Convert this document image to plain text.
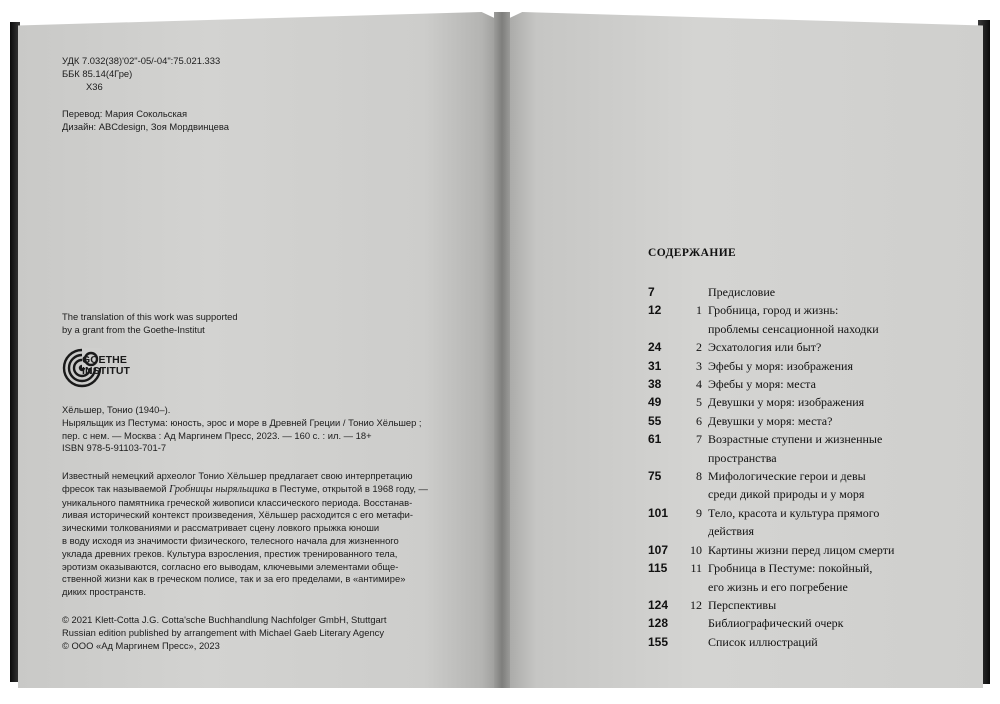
УДК 7.032(38)'02"-05/-04":75.021.333
ББК 85.14(4Гре)
X36
Перевод: Мария Сокольская
Дизайн: ABCdesign, Зоя Мордвинцева
The translation of this work was supported
by a grant from the Goethe-Institut
GOETHE
INSTITUT
Хёльшер, Тонио (1940–).
Ныряльщик из Пестума: юность, эрос и море в Древней Греции / Тонио Хёльшер ;
пер. с нем. — Москва : Ад Маргинем Пресс, 2023. — 160 с. : ил. — 18+
ISBN 978-5-91103-701-7
Известный немецкий археолог Тонио Хёльшер предлагает свою интерпретацию
фресок так называемой Гробницы ныряльщика в Пестуме, открытой в 1968 году, —
уникального памятника греческой живописи классического периода. Восстанав-
ливая исторический контекст произведения, Хёльшер расходится с его метафи-
зическими толкованиями и рассматривает сцену ловкого прыжка юноши
в воду исходя из значимости физического, телесного начала для жизненного
уклада древних греков. Культура взросления, престиж тренированного тела,
эротизм оказываются, согласно его выводам, ключевыми элементами обще-
ственной жизни как в греческом полисе, так и за его пределами, в «антимире»
диких пространств.
© 2021 Klett-Cotta J.G. Cotta'sche Buchhandlung Nachfolger GmbH, Stuttgart
Russian edition published by arrangement with Michael Gaeb Literary Agency
© ООО «Ад Маргинем Пресс», 2023
СОДЕРЖАНИЕ
7	Предисловие
12	1 Гробница, город и жизнь:
проблемы сенсационной находки
24	2 Эсхатология или быт?
31	3 Эфебы у моря: изображения
38	4 Эфебы у моря: места
49	5 Девушки у моря: изображения
55	6 Девушки у моря: места?
61	7 Возрастные ступени и жизненные
пространства
75	8 Мифологические герои и девы
среди дикой природы и у моря
101	9 Тело, красота и культура прямого
действия
107 10 Картины жизни перед лицом смерти
115 11 Гробница в Пестуме: покойный,
его жизнь и его погребение
124 12 Перспективы
128	Библиографический очерк
155	Список иллюстраций
